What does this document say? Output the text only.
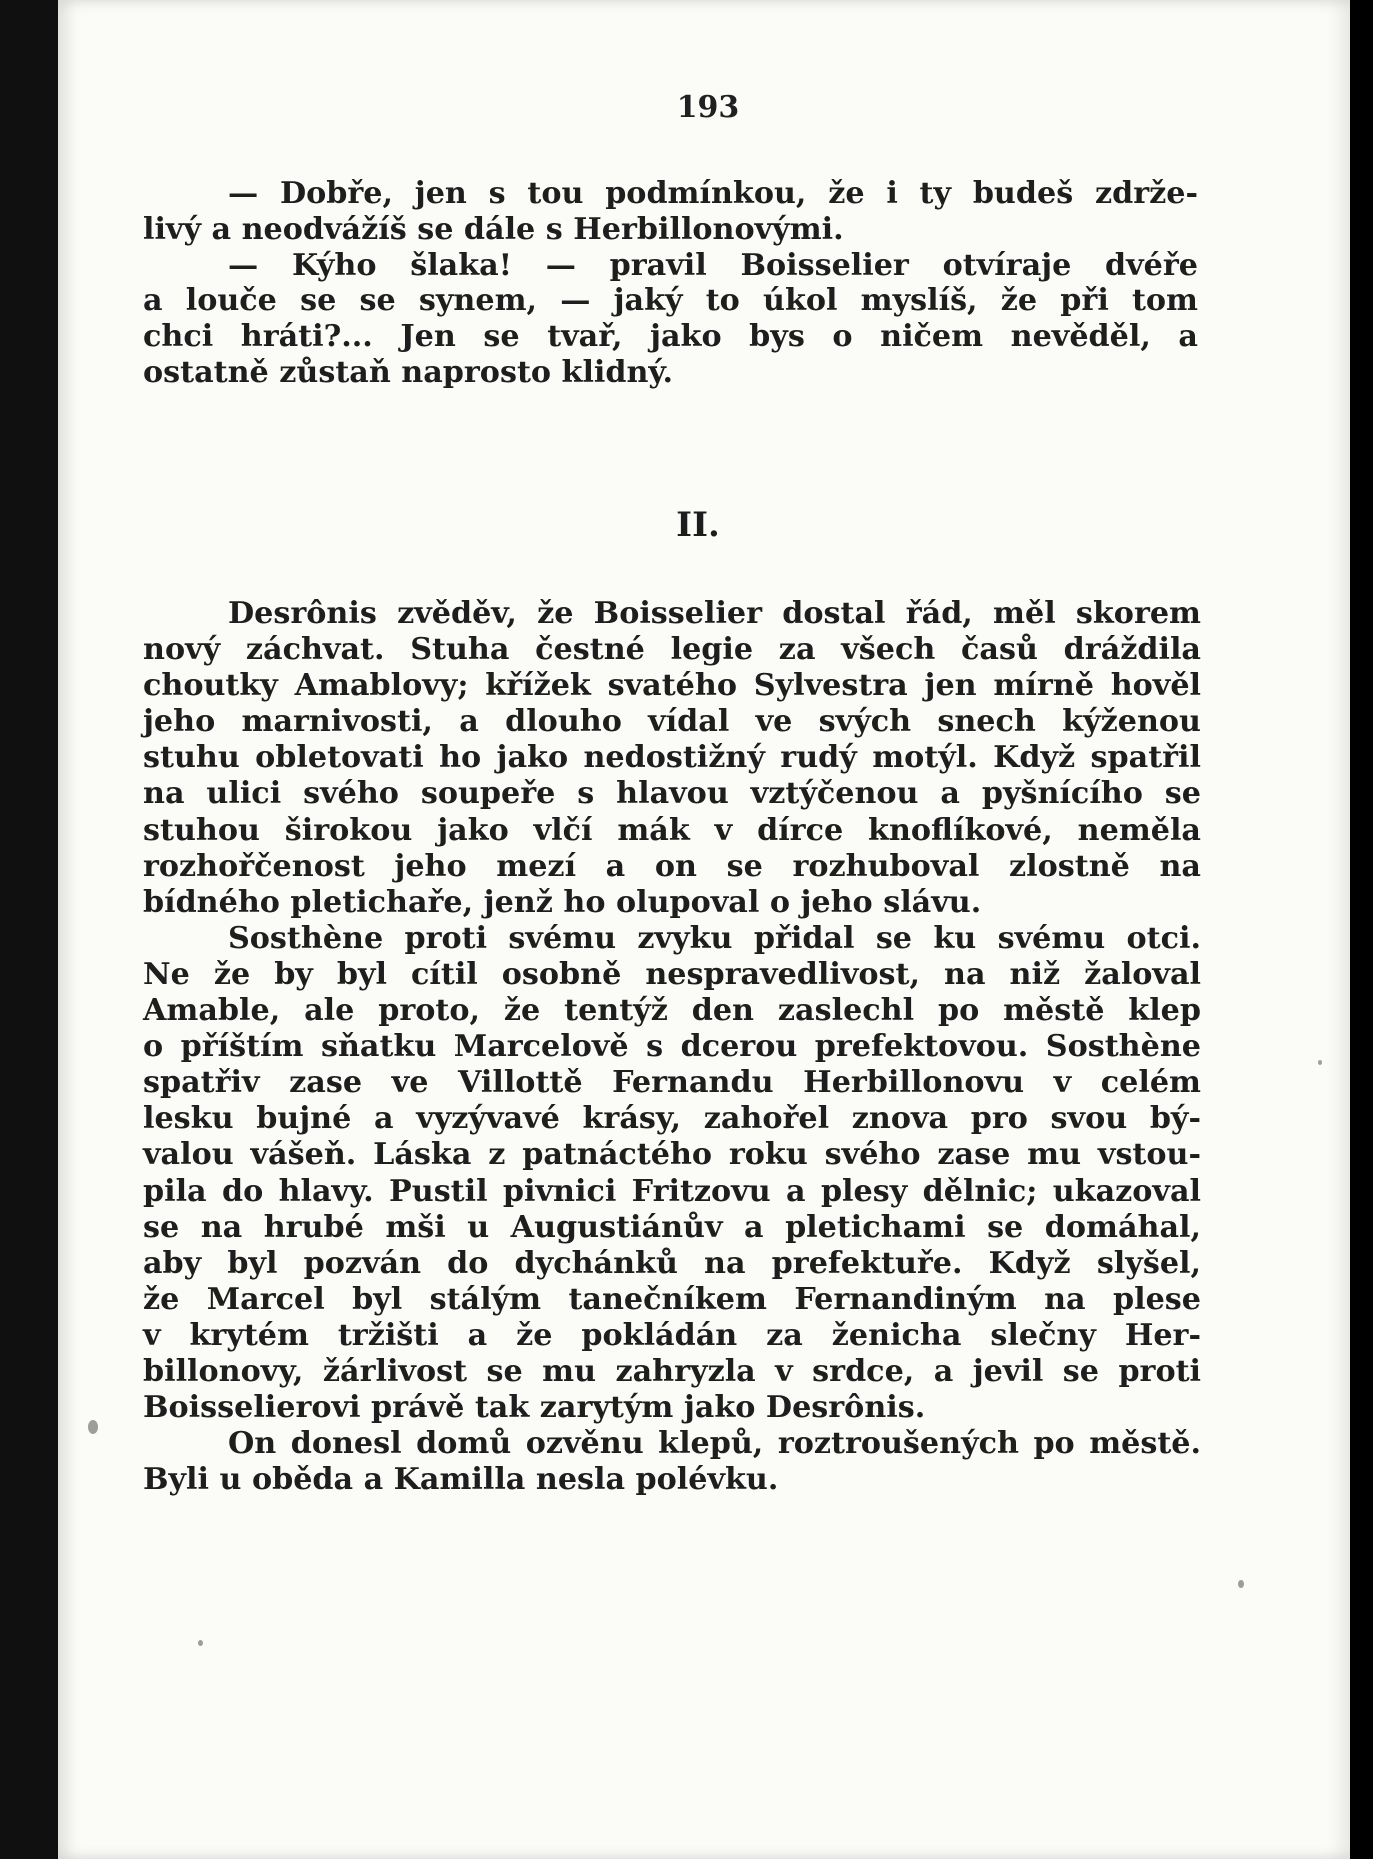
193
— Dobře, jen s tou podmínkou, že i ty budeš zdrže-
livý a neodvážíš se dále s Herbillonovými.
— Kýho šlaka! — pravil Boisselier otvíraje dvéře
a louče se se synem, — jaký to úkol myslíš, že při tom
chci hráti?... Jen se tvař, jako bys o ničem nevěděl, a
ostatně zůstaň naprosto klidný.
II.
Desrônis zvěděv, že Boisselier dostal řád, měl skorem
nový záchvat. Stuha čestné legie za všech časů dráždila
choutky Amablovy; křížek svatého Sylvestra jen mírně hověl
jeho marnivosti, a dlouho vídal ve svých snech kýženou
stuhu obletovati ho jako nedostižný rudý motýl. Když spatřil
na ulici svého soupeře s hlavou vztýčenou a pyšnícího se
stuhou širokou jako vlčí mák v dírce knoflíkové, neměla
rozhořčenost jeho mezí a on se rozhuboval zlostně na
bídného pletichaře, jenž ho olupoval o jeho slávu.
Sosthène proti svému zvyku přidal se ku svému otci.
Ne že by byl cítil osobně nespravedlivost, na niž žaloval
Amable, ale proto, že tentýž den zaslechl po městě klep
o příštím sňatku Marcelově s dcerou prefektovou. Sosthène
spatřiv zase ve Villottě Fernandu Herbillonovu v celém
lesku bujné a vyzývavé krásy, zahořel znova pro svou bý-
valou vášeň. Láska z patnáctého roku svého zase mu vstou-
pila do hlavy. Pustil pivnici Fritzovu a plesy dělnic; ukazoval
se na hrubé mši u Augustiánův a pletichami se domáhal,
aby byl pozván do dychánků na prefektuře. Když slyšel,
že Marcel byl stálým tanečníkem Fernandiným na plese
v krytém tržišti a že pokládán za ženicha slečny Her-
billonovy, žárlivost se mu zahryzla v srdce, a jevil se proti
Boisselierovi právě tak zarytým jako Desrônis.
On donesl domů ozvěnu klepů, roztroušených po městě.
Byli u oběda a Kamilla nesla polévku.
